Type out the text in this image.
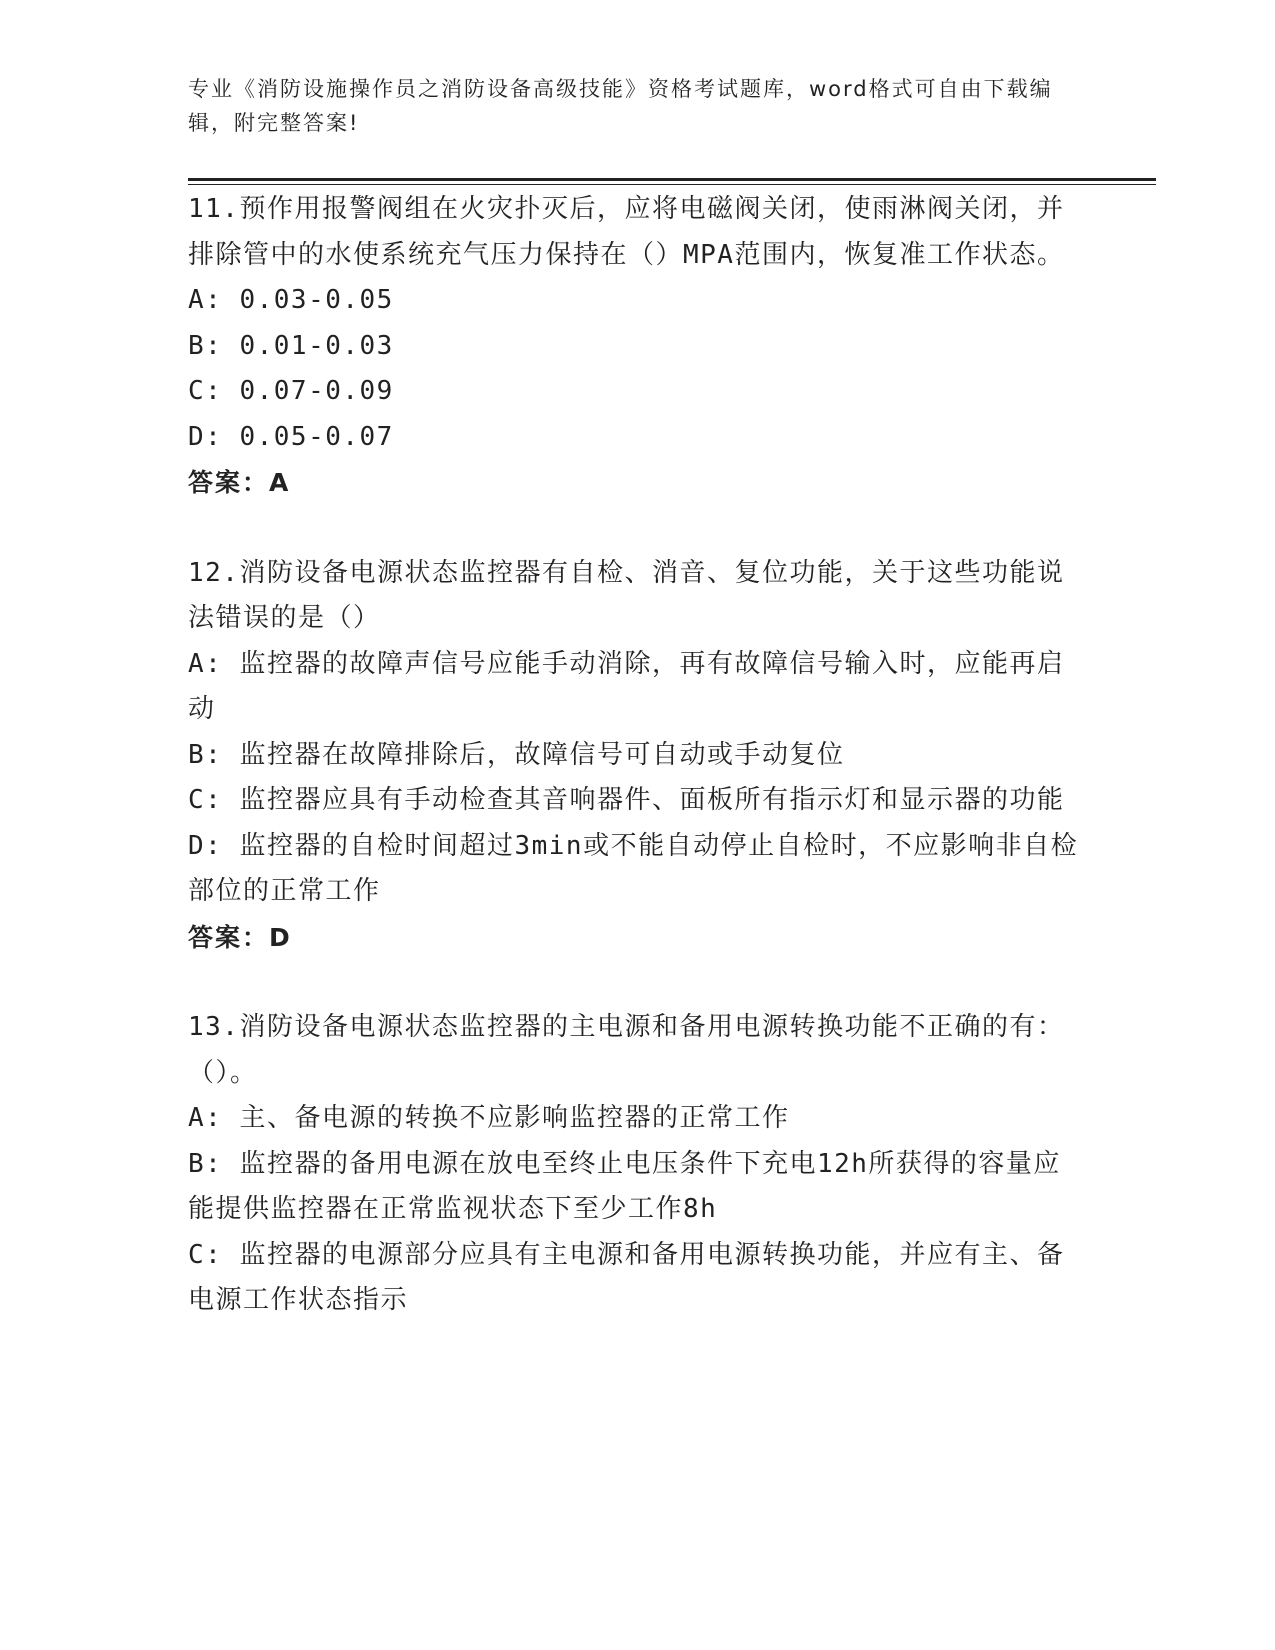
专业《消防设施操作员之消防设备高级技能》资格考试题库，word格式可自由下载编辑，附完整答案!

11.预作用报警阀组在火灾扑灭后，应将电磁阀关闭，使雨淋阀关闭，并排除管中的水使系统充气压力保持在（）MPA范围内，恢复准工作状态。

A: 0.03-0.05

B: 0.01-0.03

C: 0.07-0.09

D: 0.05-0.07

答案：A

12.消防设备电源状态监控器有自检、消音、复位功能，关于这些功能说法错误的是（）

A: 监控器的故障声信号应能手动消除，再有故障信号输入时，应能再启动

B: 监控器在故障排除后，故障信号可自动或手动复位

C: 监控器应具有手动检查其音响器件、面板所有指示灯和显示器的功能

D: 监控器的自检时间超过3min或不能自动停止自检时，不应影响非自检部位的正常工作

答案：D

13.消防设备电源状态监控器的主电源和备用电源转换功能不正确的有：（）。

A: 主、备电源的转换不应影响监控器的正常工作

B: 监控器的备用电源在放电至终止电压条件下充电12h所获得的容量应能提供监控器在正常监视状态下至少工作8h

C: 监控器的电源部分应具有主电源和备用电源转换功能，并应有主、备电源工作状态指示
